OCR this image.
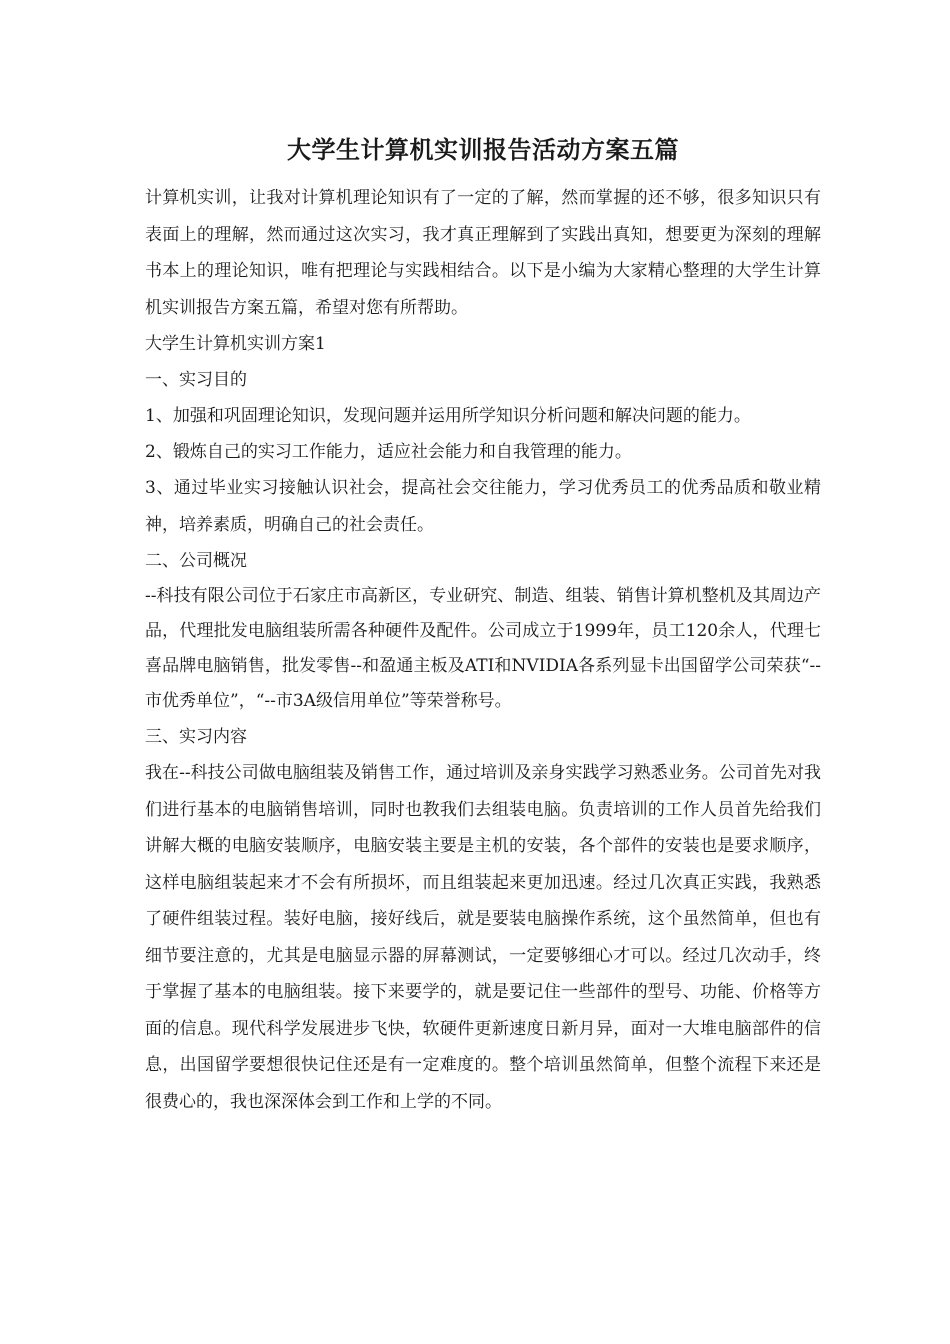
大学生计算机实训报告活动方案五篇

计算机实训，让我对计算机理论知识有了一定的了解，然而掌握的还不够，很多知识只有表面上的理解，然而通过这次实习，我才真正理解到了实践出真知，想要更为深刻的理解书本上的理论知识，唯有把理论与实践相结合。以下是小编为大家精心整理的大学生计算机实训报告方案五篇，希望对您有所帮助。

大学生计算机实训方案1

一、实习目的

1、加强和巩固理论知识，发现问题并运用所学知识分析问题和解决问题的能力。

2、锻炼自己的实习工作能力，适应社会能力和自我管理的能力。

3、通过毕业实习接触认识社会，提高社会交往能力，学习优秀员工的优秀品质和敬业精神，培养素质，明确自己的社会责任。

二、公司概况

--科技有限公司位于石家庄市高新区，专业研究、制造、组装、销售计算机整机及其周边产品，代理批发电脑组装所需各种硬件及配件。公司成立于1999年，员工120余人，代理七喜品牌电脑销售，批发零售--和盈通主板及ATI和NVIDIA各系列显卡出国留学公司荣获“--市优秀单位”，“--市3A级信用单位”等荣誉称号。

三、实习内容

我在--科技公司做电脑组装及销售工作，通过培训及亲身实践学习熟悉业务。公司首先对我们进行基本的电脑销售培训，同时也教我们去组装电脑。负责培训的工作人员首先给我们讲解大概的电脑安装顺序，电脑安装主要是主机的安装，各个部件的安装也是要求顺序，这样电脑组装起来才不会有所损坏，而且组装起来更加迅速。经过几次真正实践，我熟悉了硬件组装过程。装好电脑，接好线后，就是要装电脑操作系统，这个虽然简单，但也有细节要注意的，尤其是电脑显示器的屏幕测试，一定要够细心才可以。经过几次动手，终于掌握了基本的电脑组装。接下来要学的，就是要记住一些部件的型号、功能、价格等方面的信息。现代科学发展进步飞快，软硬件更新速度日新月异，面对一大堆电脑部件的信息，出国留学要想很快记住还是有一定难度的。整个培训虽然简单，但整个流程下来还是很费心的，我也深深体会到工作和上学的不同。
